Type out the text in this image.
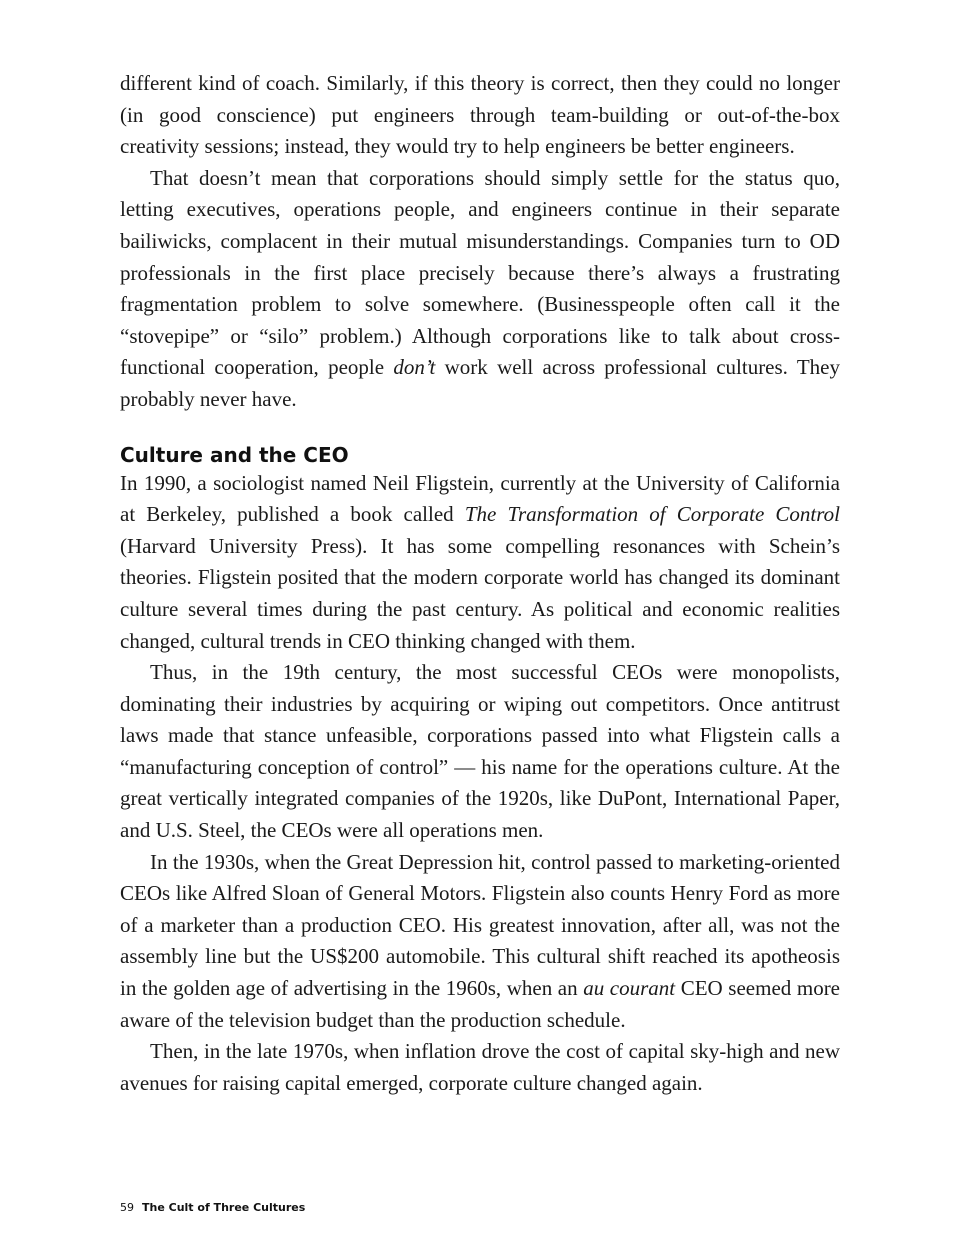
different kind of coach. Similarly, if this theory is correct, then they could no longer (in good conscience) put engineers through team-building or out-of-the-box creativity sessions; instead, they would try to help engineers be better engineers.

That doesn’t mean that corporations should simply settle for the status quo, letting executives, operations people, and engineers continue in their separate bailiwicks, complacent in their mutual misunderstandings. Companies turn to OD professionals in the first place precisely because there’s always a frustrating fragmentation problem to solve somewhere. (Businesspeople often call it the “stovepipe” or “silo” problem.) Although corporations like to talk about cross-functional cooperation, people don’t work well across professional cultures. They probably never have.

Culture and the CEO

In 1990, a sociologist named Neil Fligstein, currently at the University of California at Berkeley, published a book called The Transformation of Corporate Control (Harvard University Press). It has some compelling resonances with Schein’s theories. Fligstein posited that the modern corporate world has changed its dominant culture several times during the past century. As political and economic realities changed, cultural trends in CEO thinking changed with them.

Thus, in the 19th century, the most successful CEOs were monopolists, dominating their industries by acquiring or wiping out competitors. Once antitrust laws made that stance unfeasible, corporations passed into what Fligstein calls a “manufacturing conception of control” — his name for the operations culture. At the great vertically integrated companies of the 1920s, like DuPont, International Paper, and U.S. Steel, the CEOs were all operations men.

In the 1930s, when the Great Depression hit, control passed to marketing-oriented CEOs like Alfred Sloan of General Motors. Fligstein also counts Henry Ford as more of a marketer than a production CEO. His greatest innovation, after all, was not the assembly line but the US$200 automobile. This cultural shift reached its apotheosis in the golden age of advertising in the 1960s, when an au courant CEO seemed more aware of the television budget than the production schedule.

Then, in the late 1970s, when inflation drove the cost of capital sky-high and new avenues for raising capital emerged, corporate culture changed again.

59 The Cult of Three Cultures
